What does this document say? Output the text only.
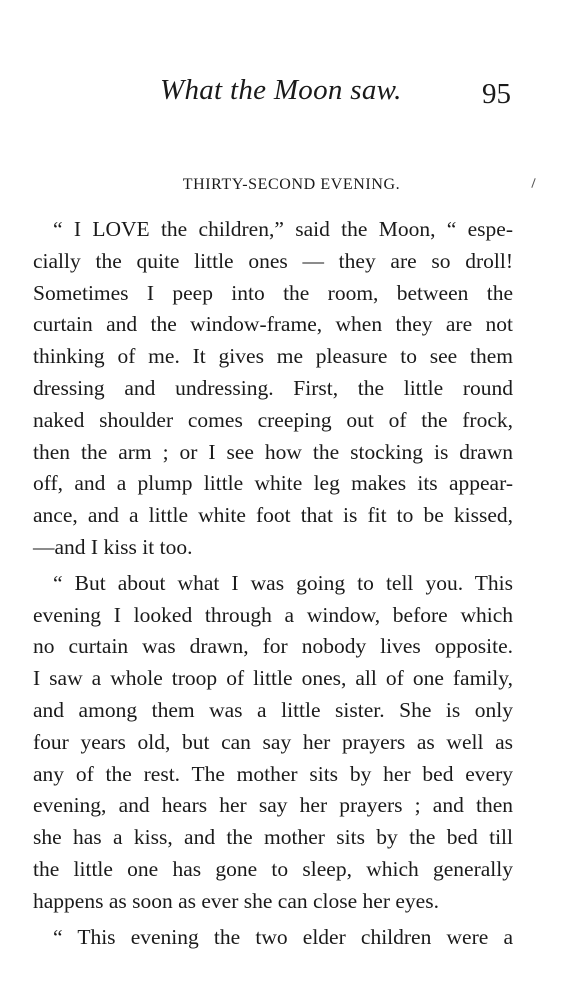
What the Moon saw.	95
THIRTY-SECOND EVENING.
“ I LOVE the children,” said the Moon, “ espe-
cially the quite little ones — they are so droll!
Sometimes I peep into the room, between the
curtain and the window-frame, when they are not
thinking of me. It gives me pleasure to see them
dressing and undressing. First, the little round
naked shoulder comes creeping out of the frock,
then the arm ; or I see how the stocking is drawn
off, and a plump little white leg makes its appear-
ance, and a little white foot that is fit to be kissed,
—and I kiss it too.
“ But about what I was going to tell you. This
evening I looked through a window, before which
no curtain was drawn, for nobody lives opposite.
I saw a whole troop of little ones, all of one family,
and among them was a little sister. She is only
four years old, but can say her prayers as well as
any of the rest. The mother sits by her bed every
evening, and hears her say her prayers ; and then
she has a kiss, and the mother sits by the bed till
the little one has gone to sleep, which generally
happens as soon as ever she can close her eyes.
“ This evening the two elder children were a
